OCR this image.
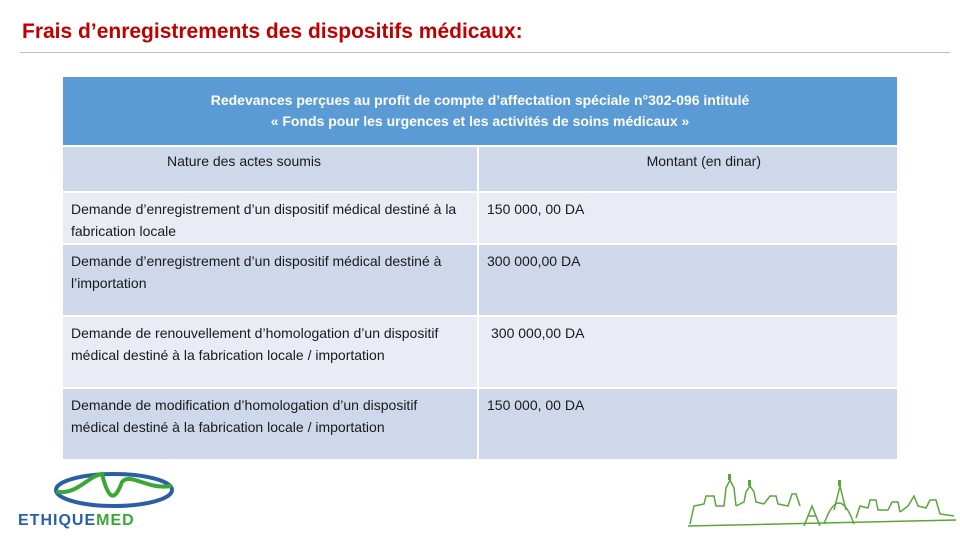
Frais d’enregistrements des dispositifs médicaux:
Redevances perçues au profit de compte d’affectation spéciale n°302-096 intitulé
« Fonds pour les urgences et les activités de soins médicaux »
Nature des actes soumis	Montant (en dinar)
Demande d’enregistrement d’un dispositif médical destiné à la fabrication locale
150 000, 00 DA
Demande d’enregistrement d’un dispositif médical destiné à l’importation
300 000,00 DA
Demande de renouvellement d’homologation d’un dispositif médical destiné à la fabrication locale / importation
300 000,00 DA
Demande de modification d’homologation d’un dispositif médical destiné à la fabrication locale / importation
150 000, 00 DA
ETHIQUEMED
